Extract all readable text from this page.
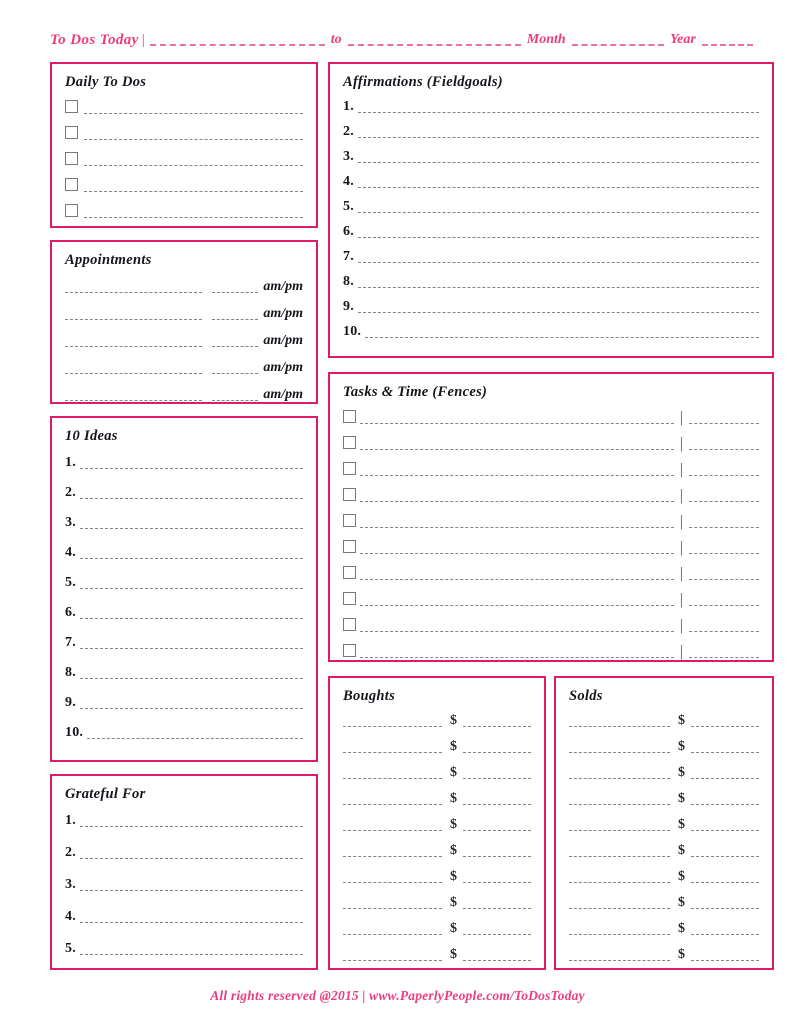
To Dos Today |	to	Month	Year
Daily To Dos
Appointments
am/pm
am/pm
am/pm
am/pm
am/pm
10 Ideas
1.
2.
3.
4.
5.
6.
7.
8.
9.
10.
Grateful For
1.
2.
3.
4.
5.
Affirmations (Fieldgoals)
1.
2.
3.
4.
5.
6.
7.
8.
9.
10.
Tasks & Time (Fences)
|
|
|
|
|
|
|
|
|
|
Boughts
$
$
$
$
$
$
$
$
$
$
Solds
$
$
$
$
$
$
$
$
$
$
All rights reserved @2015 | www.PaperlyPeople.com/ToDosToday
